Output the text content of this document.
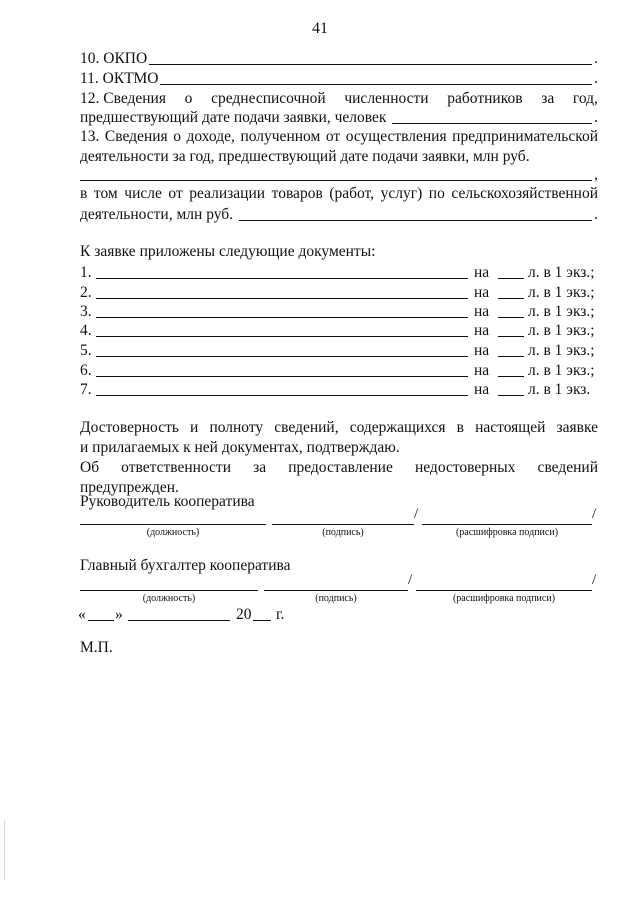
41
10. ОКПО	.
11. ОКТМО	.
12. Сведения о среднесписочной численности работников за год,
предшествующий дате подачи заявки, человек	.
13. Сведения о доходе, полученном от осуществления предпринимательской
деятельности за год, предшествующий дате подачи заявки, млн руб.
,
в том числе от реализации товаров (работ, услуг) по сельскохозяйственной
деятельности, млн руб.	.
К заявке приложены следующие документы:
1.	на	л. в 1 экз.;
2.	на	л. в 1 экз.;
3.	на	л. в 1 экз.;
4.	на	л. в 1 экз.;
5.	на	л. в 1 экз.;
6.	на	л. в 1 экз.;
7.	на	л. в 1 экз.
Достоверность и полноту сведений, содержащихся в настоящей заявке
и прилагаемых к ней документах, подтверждаю.
Об ответственности за предоставление недостоверных сведений предупрежден.
Руководитель кооператива
/	/
(должность)	(подпись)	(расшифровка подписи)
Главный бухгалтер кооператива
/	/
(должность)	(подпись)	(расшифровка подписи)
« »	20 г.
М.П.
